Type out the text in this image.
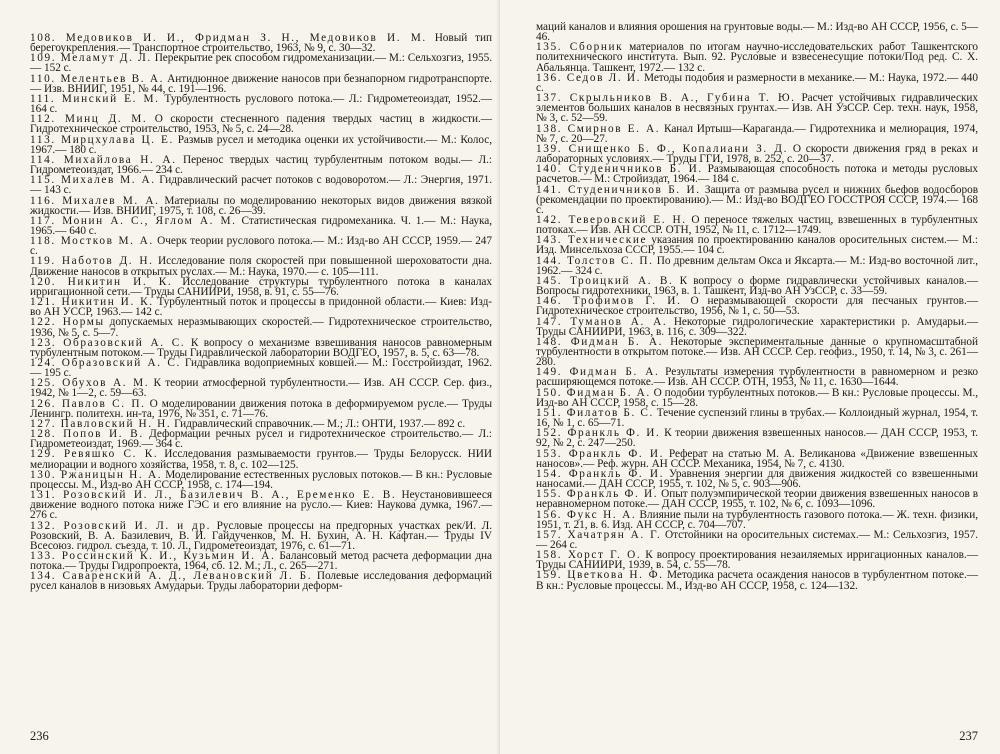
108. Медовиков И. И., Фридман З. Н., Медовиков И. М. Новый тип берегоукрепления.— Транспортное строительство, 1963, № 9, с. 30—32.
109. Меламут Д. Л. Перекрытие рек способом гидромеханизации.— М.: Сельхозгиз, 1955.— 152 с.
110. Мелентьев В. А. Антидюнное движение наносов при безнапорном гидротранспорте.— Изв. ВНИИГ, 1951, № 44, с. 191—196.
111. Минский Е. М. Турбулентность руслового потока.— Л.: Гидрометеоиздат, 1952.— 164 с.
112. Минц Д. М. О скорости стесненного падения твердых частиц в жидкости.— Гидротехническое строительство, 1953, № 5, с. 24—28.
113. Мирцхулава Ц. Е. Размыв русел и методика оценки их устойчивости.— М.: Колос, 1967.— 180 с.
114. Михайлова Н. А. Перенос твердых частиц турбулентным потоком воды.— Л.: Гидрометеоиздат, 1966.— 234 с.
115. Михалев М. А. Гидравлический расчет потоков с водоворотом.— Л.: Энергия, 1971.— 143 с.
116. Михалев М. А. Материалы по моделированию некоторых видов движения вязкой жидкости.— Изв. ВНИИГ, 1975, т. 108, с. 26—39.
117. Монин А. С., Яглом А. М. Статистическая гидромеханика. Ч. 1.— М.: Наука, 1965.— 640 с.
118. Мостков М. А. Очерк теории руслового потока.— М.: Изд-во АН СССР, 1959.— 247 с.
119. Наботов Д. Н. Исследование поля скоростей при повышенной шероховатости дна. Движение наносов в открытых руслах.— М.: Наука, 1970.— с. 105—111.
120. Никитин И. К. Исследование структуры турбулентного потока в каналах ирригационной сети.— Труды САНИИРИ, 1958, в. 91, с. 55—76.
121. Никитин И. К. Турбулентный поток и процессы в придонной области.— Киев: Изд-во АН УССР, 1963.— 142 с.
122. Нормы допускаемых неразмывающих скоростей.— Гидротехническое строительство, 1936, № 5, с. 5—7.
123. Образовский А. С. К вопросу о механизме взвешивания наносов равномерным турбулентным потоком.— Труды Гидравлической лаборатории ВОДГЕО, 1957, в. 5, с. 63—78.
124. Образовский А. С. Гидравлика водоприемных ковшей.— М.: Госстройиздат, 1962.— 195 с.
125. Обухов А. М. К теории атмосферной турбулентности.— Изв. АН СССР. Сер. физ., 1942, № 1—2, с. 59—63.
126. Павлов С. П. О моделировании движения потока в деформируемом русле.— Труды Ленингр. политехн. ин-та, 1976, № 351, с. 71—76.
127. Павловский Н. Н. Гидравлический справочник.— М.; Л.: ОНТИ, 1937.— 892 с.
128. Попов И. В. Деформации речных русел и гидротехническое строительство.— Л.: Гидрометеоиздат, 1969.— 364 с.
129. Ревяшко С. К. Исследования размываемости грунтов.— Труды Белорусск. НИИ мелиорации и водного хозяйства, 1958, т. 8, с. 102—125.
130. Ржаницын Н. А. Моделирование естественных русловых потоков.— В кн.: Русловые процессы. М., Изд-во АН СССР, 1958, с. 174—194.
131. Розовский И. Л., Базилевич В. А., Еременко Е. В. Неустановившееся движение водного потока ниже ГЭС и его влияние на русло.— Киев: Наукова думка, 1967.— 276 с.
132. Розовский И. Л. и др. Русловые процессы на предгорных участках рек/И. Л. Розовский, В. А. Базилевич, В. И. Гайдученков, М. Н. Бухин, А. Н. Кафтан.— Труды IV Всесоюз. гидрол. съезда, т. 10. Л., Гидрометеоиздат, 1976, с. 61—71.
133. Россинский К. И., Кузьмин И. А. Балансовый метод расчета деформации дна потока.— Труды Гидропроекта, 1964, сб. 12. М.; Л., с. 265—271.
134. Саваренский А. Д., Левановский Л. Б. Полевые исследования деформаций русел каналов в низовьях Амударьи. Труды лаборатории деформ-
236
маций каналов и влияния орошения на грунтовые воды.— М.: Изд-во АН СССР, 1956, с. 5—46.
135. Сборник материалов по итогам научно-исследовательских работ Ташкентского политехнического института. Вып. 92. Русловые и взвесенесущие потоки/Под ред. С. Х. Абальянца. Ташкент, 1972.— 132 с.
136. Седов Л. И. Методы подобия и размерности в механике.— М.: Наука, 1972.— 440 с.
137. Скрыльников В. А., Губина Т. Ю. Расчет устойчивых гидравлических элементов больших каналов в несвязных грунтах.— Изв. АН УзССР. Сер. техн. наук, 1958, № 3, с. 52—59.
138. Смирнов Е. А. Канал Иртыш—Караганда.— Гидротехника и мелиорация, 1974, № 7, с. 20—27.
139. Снищенко Б. Ф., Копалиани З. Д. О скорости движения гряд в реках и лабораторных условиях.— Труды ГГИ, 1978, в. 252, с. 20—37.
140. Студеничников Б. И. Размывающая способность потока и методы русловых расчетов.— М.: Стройиздат, 1964.— 184 с.
141. Студеничников Б. И. Защита от размыва русел и нижних бьефов водосборов (рекомендации по проектированию).— М.: Изд-во ВОДГЕО ГОССТРОЯ СССР, 1974.— 168 с.
142. Теверовский Е. Н. О переносе тяжелых частиц, взвешенных в турбулентных потоках.— Изв. АН СССР. ОТН, 1952, № 11, с. 1712—1749.
143. Технические указания по проектированию каналов оросительных систем.— М.: Изд. Минсельхоза СССР, 1955.— 104 с.
144. Толстов С. П. По древним дельтам Окса и Яксарта.— М.: Изд-во восточной лит., 1962.— 324 с.
145. Троицкий А. В. К вопросу о форме гидравлически устойчивых каналов.— Вопросы гидротехники, 1963, в. 1. Ташкент, Изд-во АН УзССР, с. 33—59.
146. Трофимов Г. И. О неразмывающей скорости для песчаных грунтов.— Гидротехническое строительство, 1956, № 1, с. 50—53.
147. Туманов А. А. Некоторые гидрологические характеристики р. Амударьи.— Труды САНИИРИ, 1963, в. 116, с. 309—322.
148. Фидман Б. А. Некоторые экспериментальные данные о крупномасштабной турбулентности в открытом потоке.— Изв. АН СССР. Сер. геофиз., 1950, т. 14, № 3, с. 261—280.
149. Фидман Б. А. Результаты измерения турбулентности в равномерном и резко расширяющемся потоке.— Изв. АН СССР. ОТН, 1953, № 11, с. 1630—1644.
150. Фидман Б. А. О подобии турбулентных потоков.— В кн.: Русловые процессы. М., Изд-во АН СССР, 1958, с. 15—28.
151. Филатов Б. С. Течение суспензий глины в трубах.— Коллоидный журнал, 1954, т. 16, № 1, с. 65—71.
152. Франкль Ф. И. К теории движения взвешенных наносов.— ДАН СССР, 1953, т. 92, № 2, с. 247—250.
153. Франкль Ф. И. Реферат на статью М. А. Великанова «Движение взвешенных наносов».— Реф. журн. АН СССР. Механика, 1954, № 7, с. 4130.
154. Франкль Ф. И. Уравнения энергии для движения жидкостей со взвешенными наносами.— ДАН СССР, 1955, т. 102, № 5, с. 903—906.
155. Франкль Ф. И. Опыт полуэмпирической теории движения взвешенных наносов в неравномерном потоке.— ДАН СССР, 1955, т. 102, № 6, с. 1093—1096.
156. Фукс Н. А. Влияние пыли на турбулентность газового потока.— Ж. техн. физики, 1951, т. 21, в. 6. Изд. АН СССР, с. 704—707.
157. Хачатрян А. Г. Отстойники на оросительных системах.— М.: Сельхозгиз, 1957.— 264 с.
158. Хорст Г. О. К вопросу проектирования незаиляемых ирригационных каналов.— Труды САНИИРИ, 1939, в. 54, с. 55—78.
159. Цветкова Н. Ф. Методика расчета осаждения наносов в турбулентном потоке.— В кн.: Русловые процессы. М., Изд-во АН СССР, 1958, с. 124—132.
237
